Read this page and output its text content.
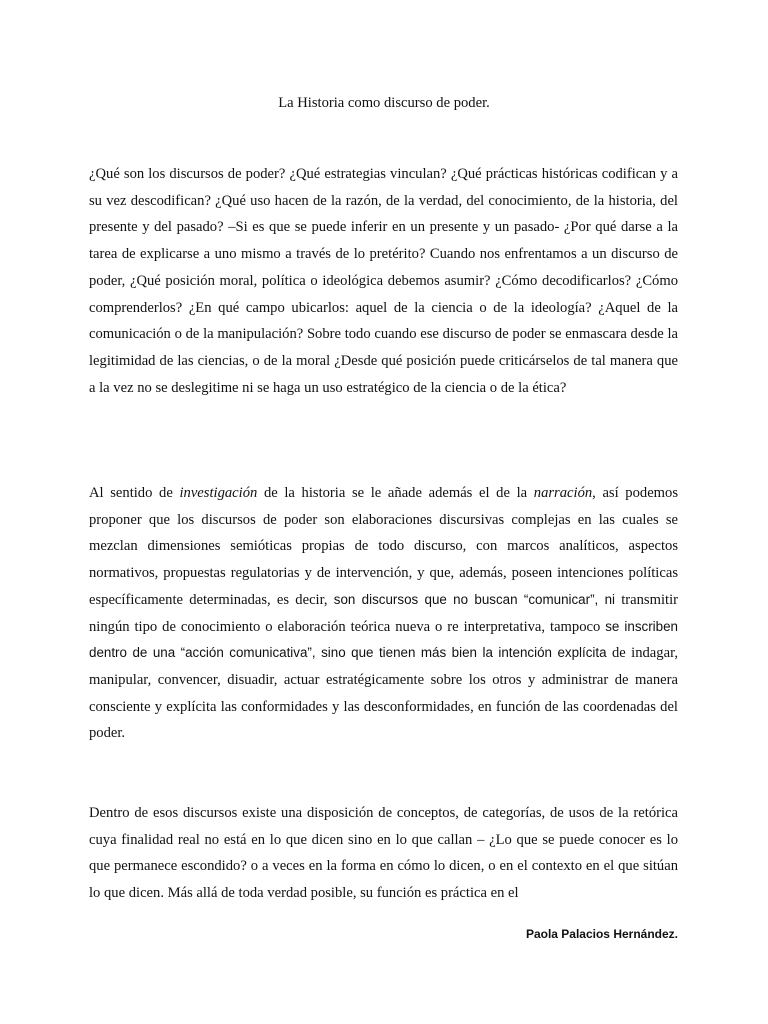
La Historia como discurso de poder.

¿Qué son los discursos de poder? ¿Qué estrategias vinculan? ¿Qué prácticas históricas codifican y a su vez descodifican? ¿Qué uso hacen de la razón, de la verdad, del conocimiento, de la historia, del presente y del pasado? –Si es que se puede inferir en un presente y un pasado- ¿Por qué darse a la tarea de explicarse a uno mismo a través de lo pretérito? Cuando nos enfrentamos a un discurso de poder, ¿Qué posición moral, política o ideológica debemos asumir? ¿Cómo decodificarlos? ¿Cómo comprenderlos? ¿En qué campo ubicarlos: aquel de la ciencia o de la ideología? ¿Aquel de la comunicación o de la manipulación? Sobre todo cuando ese discurso de poder se enmascara desde la legitimidad de las ciencias, o de la moral ¿Desde qué posición puede criticárselos de tal manera que a la vez no se deslegitime ni se haga un uso estratégico de la ciencia o de la ética?

Al sentido de investigación de la historia se le añade además el de la narración, así podemos proponer que los discursos de poder son elaboraciones discursivas complejas en las cuales se mezclan dimensiones semióticas propias de todo discurso, con marcos analíticos, aspectos normativos, propuestas regulatorias y de intervención, y que, además, poseen intenciones políticas específicamente determinadas, es decir, son discursos que no buscan “comunicar”, ni transmitir ningún tipo de conocimiento o elaboración teórica nueva o re interpretativa, tampoco se inscriben dentro de una “acción comunicativa”, sino que tienen más bien la intención explícita de indagar, manipular, convencer, disuadir, actuar estratégicamente sobre los otros y administrar de manera consciente y explícita las conformidades y las desconformidades, en función de las coordenadas del poder.

Dentro de esos discursos existe una disposición de conceptos, de categorías, de usos de la retórica cuya finalidad real no está en lo que dicen sino en lo que callan – ¿Lo que se puede conocer es lo que permanece escondido? o a veces en la forma en cómo lo dicen, o en el contexto en el que sitúan lo que dicen. Más allá de toda verdad posible, su función es práctica en el

Paola Palacios Hernández.
